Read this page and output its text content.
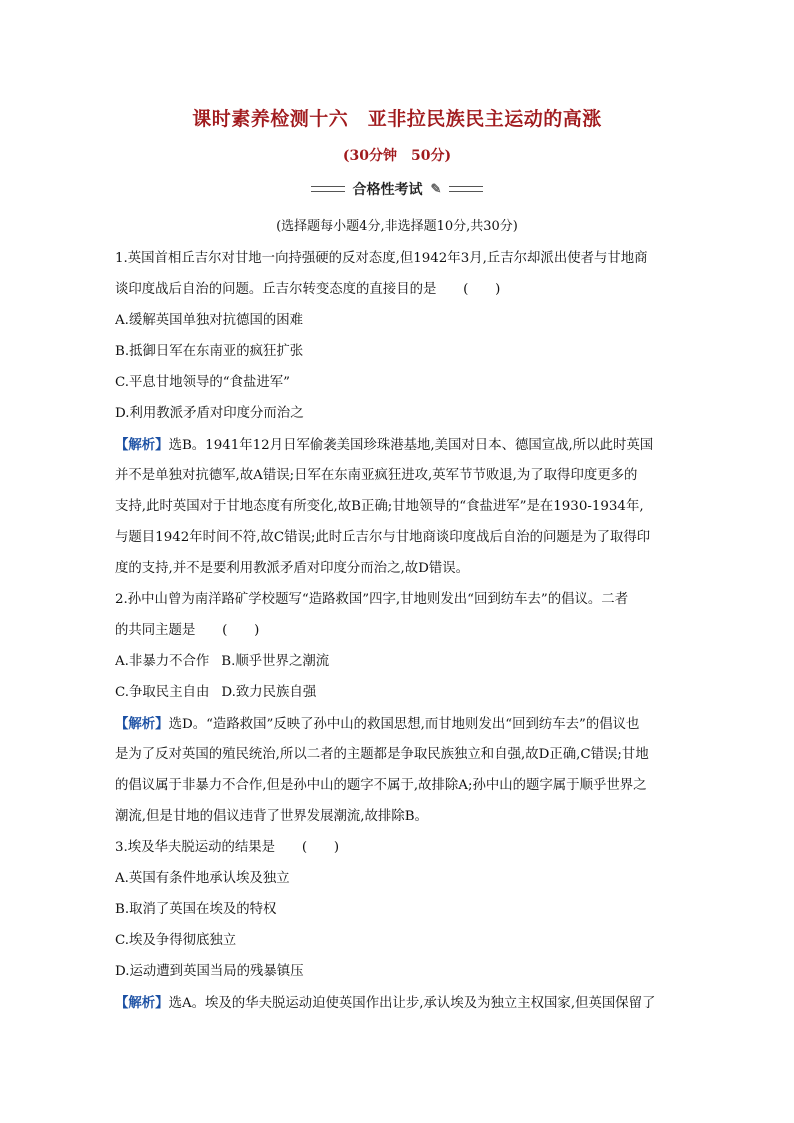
课时素养检测十六　亚非拉民族民主运动的高涨
(30分钟　50分)
合格性考试 ✎
(选择题每小题4分,非选择题10分,共30分)
1.英国首相丘吉尔对甘地一向持强硬的反对态度,但1942年3月,丘吉尔却派出使者与甘地商
谈印度战后自治的问题。丘吉尔转变态度的直接目的是　　(　　)
A.缓解英国单独对抗德国的困难
B.抵御日军在东南亚的疯狂扩张
C.平息甘地领导的“食盐进军”
D.利用教派矛盾对印度分而治之
【解析】选B。1941年12月日军偷袭美国珍珠港基地,美国对日本、德国宣战,所以此时英国
并不是单独对抗德军,故A错误;日军在东南亚疯狂进攻,英军节节败退,为了取得印度更多的
支持,此时英国对于甘地态度有所变化,故B正确;甘地领导的“食盐进军”是在1930-1934年,
与题目1942年时间不符,故C错误;此时丘吉尔与甘地商谈印度战后自治的问题是为了取得印
度的支持,并不是要利用教派矛盾对印度分而治之,故D错误。
2.孙中山曾为南洋路矿学校题写“造路救国”四字,甘地则发出“回到纺车去”的倡议。二者
的共同主题是　　(　　)
A.非暴力不合作 B.顺乎世界之潮流
C.争取民主自由 D.致力民族自强
【解析】选D。“造路救国”反映了孙中山的救国思想,而甘地则发出“回到纺车去”的倡议也
是为了反对英国的殖民统治,所以二者的主题都是争取民族独立和自强,故D正确,C错误;甘地
的倡议属于非暴力不合作,但是孙中山的题字不属于,故排除A;孙中山的题字属于顺乎世界之
潮流,但是甘地的倡议违背了世界发展潮流,故排除B。
3.埃及华夫脱运动的结果是　　(　　)
A.英国有条件地承认埃及独立
B.取消了英国在埃及的特权
C.埃及争得彻底独立
D.运动遭到英国当局的残暴镇压
【解析】选A。埃及的华夫脱运动迫使英国作出让步,承认埃及为独立主权国家,但英国保留了
